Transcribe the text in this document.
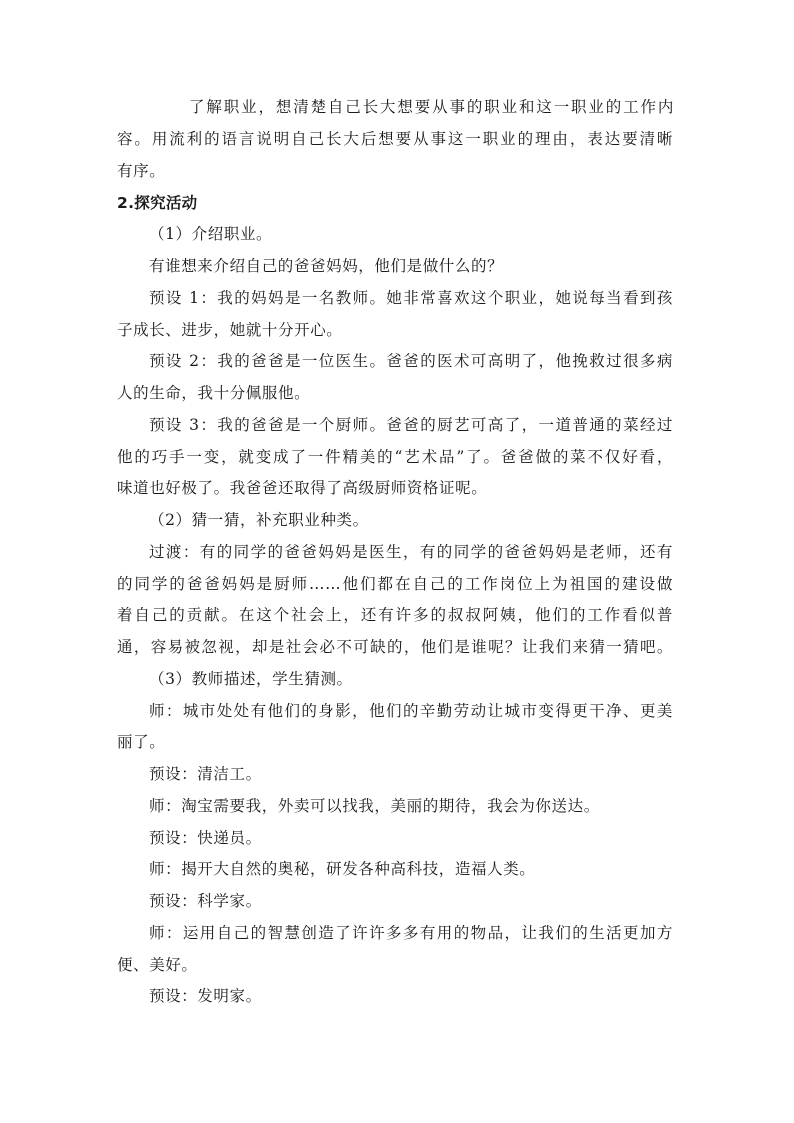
了解职业，想清楚自己长大想要从事的职业和这一职业的工作内
容。用流利的语言说明自己长大后想要从事这一职业的理由，表达要清晰
有序。
2.探究活动
（1）介绍职业。
有谁想来介绍自己的爸爸妈妈，他们是做什么的？
预设 1：我的妈妈是一名教师。她非常喜欢这个职业，她说每当看到孩
子成长、进步，她就十分开心。
预设 2：我的爸爸是一位医生。爸爸的医术可高明了，他挽救过很多病
人的生命，我十分佩服他。
预设 3：我的爸爸是一个厨师。爸爸的厨艺可高了，一道普通的菜经过
他的巧手一变，就变成了一件精美的“艺术品”了。爸爸做的菜不仅好看，
味道也好极了。我爸爸还取得了高级厨师资格证呢。
（2）猜一猜，补充职业种类。
过渡：有的同学的爸爸妈妈是医生，有的同学的爸爸妈妈是老师，还有
的同学的爸爸妈妈是厨师……他们都在自己的工作岗位上为祖国的建设做
着自己的贡献。在这个社会上，还有许多的叔叔阿姨，他们的工作看似普
通，容易被忽视，却是社会必不可缺的，他们是谁呢？让我们来猜一猜吧。
（3）教师描述，学生猜测。
师：城市处处有他们的身影，他们的辛勤劳动让城市变得更干净、更美
丽了。
预设：清洁工。
师：淘宝需要我，外卖可以找我，美丽的期待，我会为你送达。
预设：快递员。
师：揭开大自然的奥秘，研发各种高科技，造福人类。
预设：科学家。
师：运用自己的智慧创造了许许多多有用的物品，让我们的生活更加方
便、美好。
预设：发明家。
